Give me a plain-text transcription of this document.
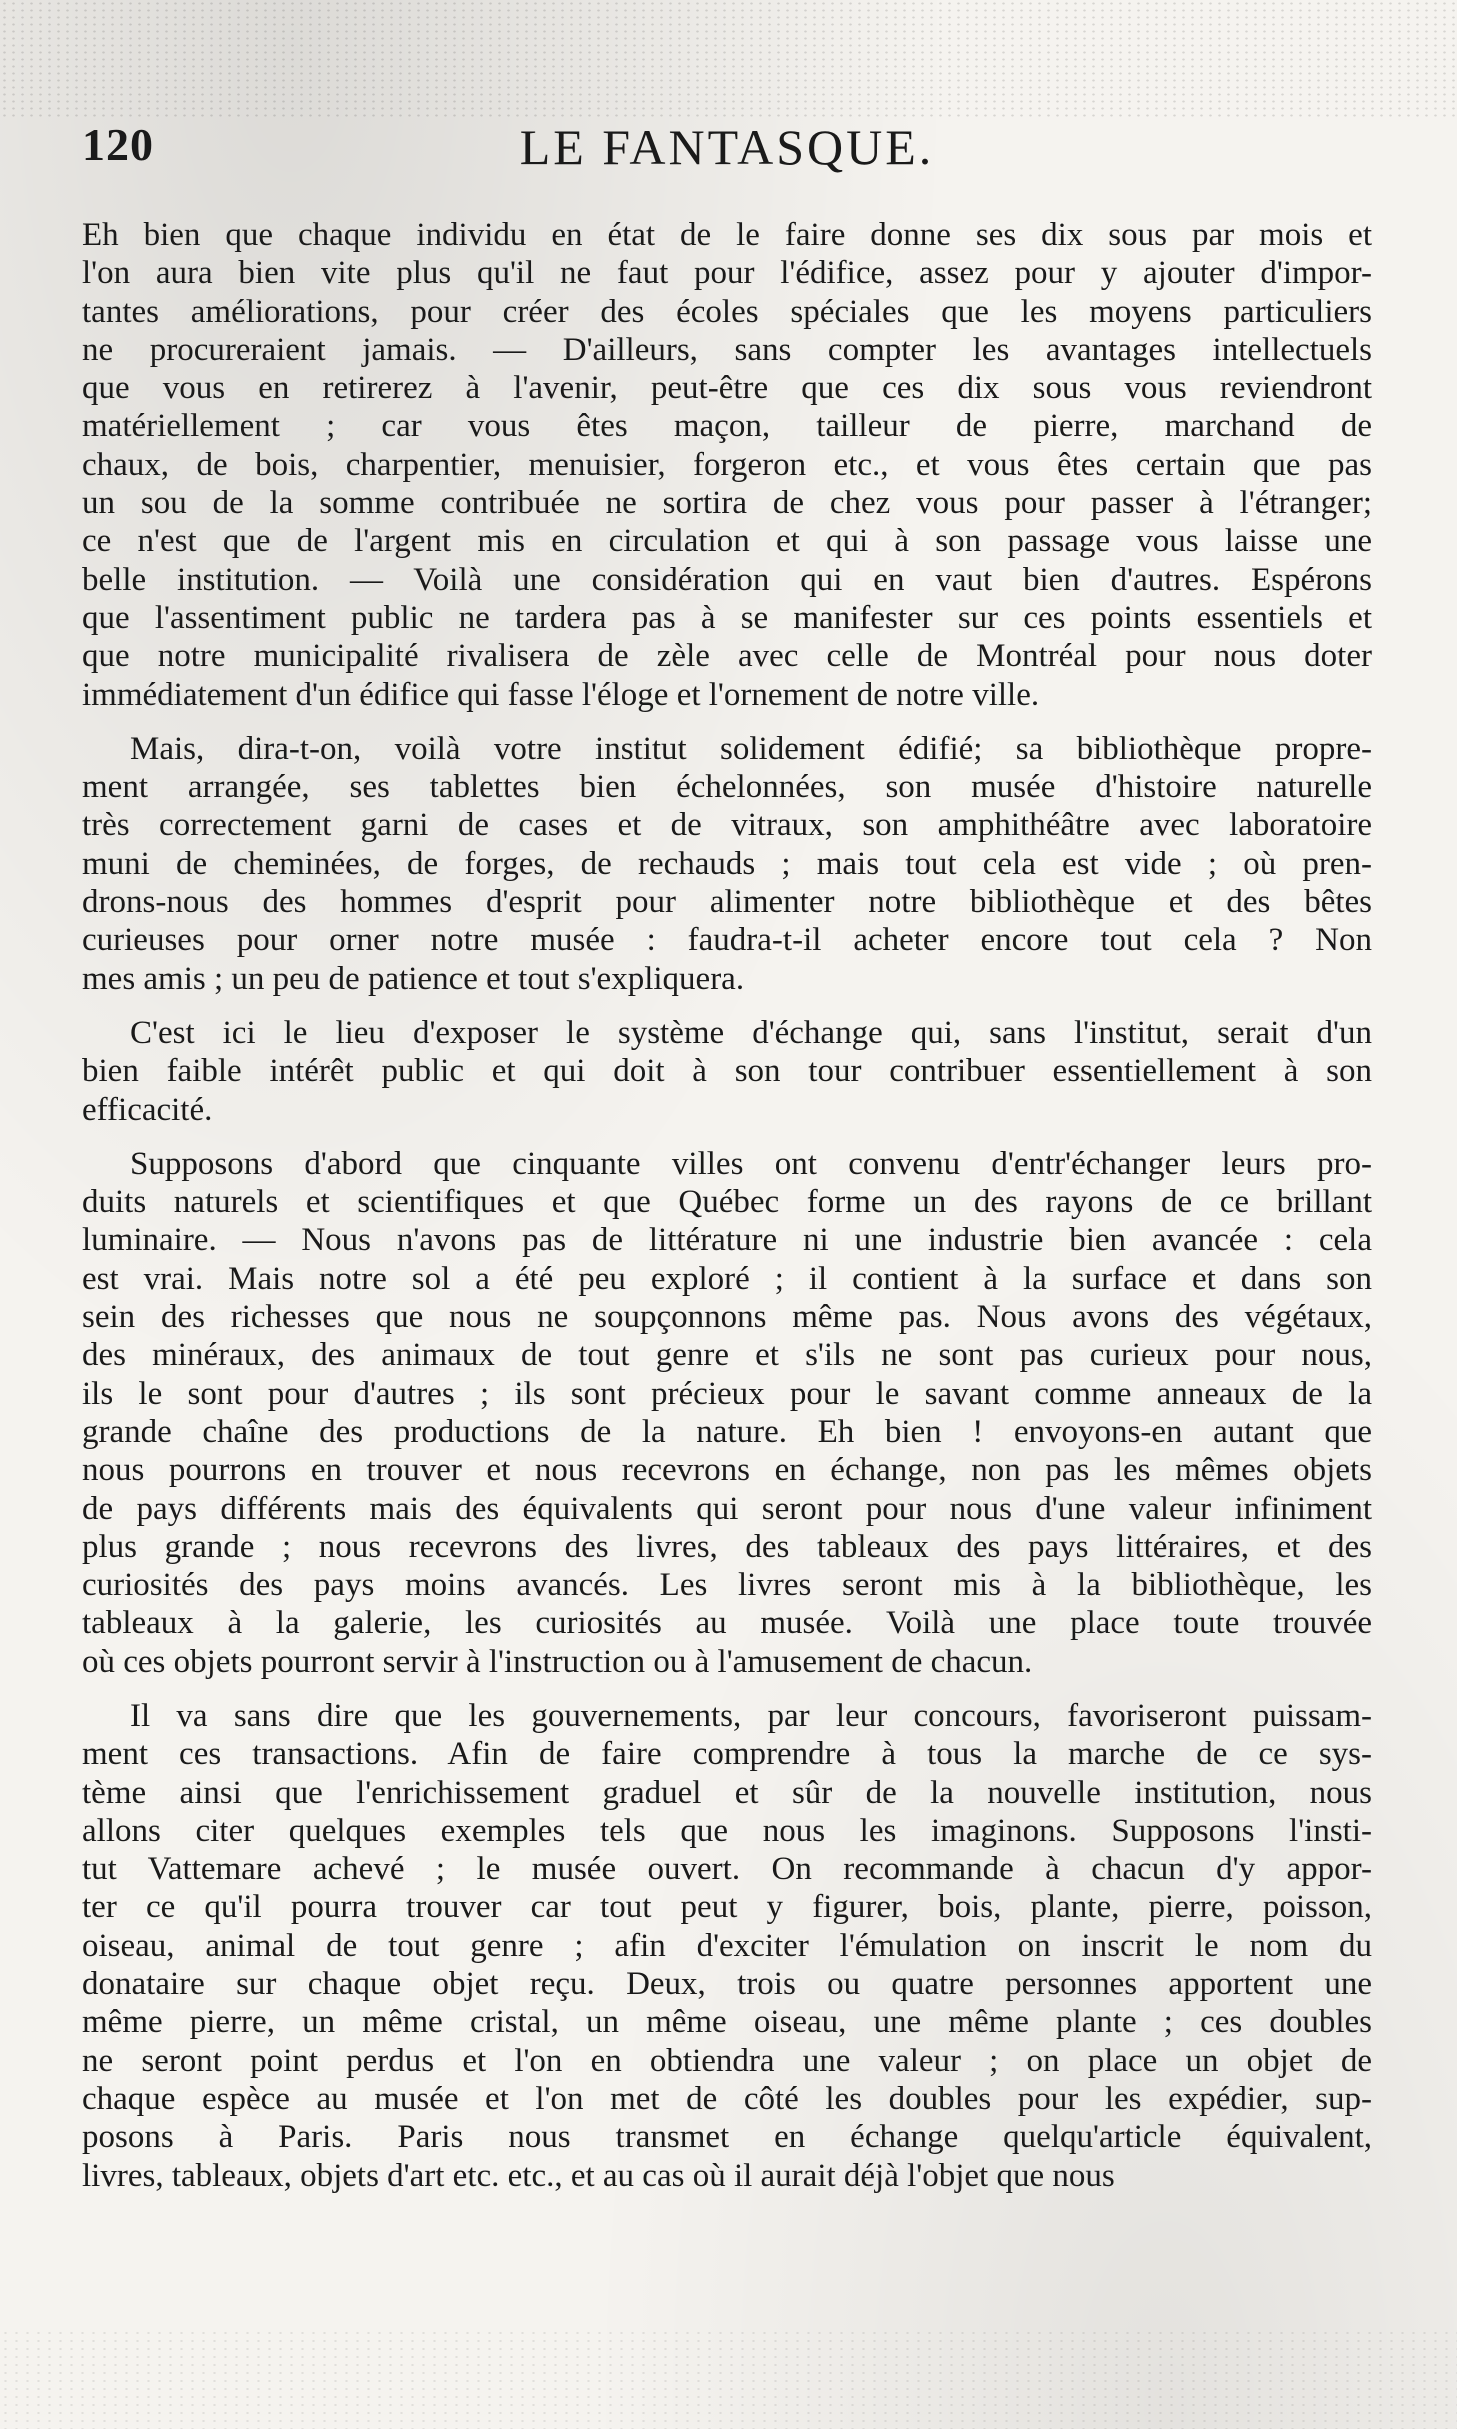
120	LE FANTASQUE.
Eh bien que chaque individu en état de le faire donne ses dix sous par mois et
l'on aura bien vite plus qu'il ne faut pour l'édifice, assez pour y ajouter d'impor-
tantes améliorations, pour créer des écoles spéciales que les moyens particuliers
ne procureraient jamais. — D'ailleurs, sans compter les avantages intellectuels
que vous en retirerez à l'avenir, peut-être que ces dix sous vous reviendront
matériellement ; car vous êtes maçon, tailleur de pierre, marchand de
chaux, de bois, charpentier, menuisier, forgeron etc., et vous êtes certain que pas
un sou de la somme contribuée ne sortira de chez vous pour passer à l'étranger;
ce n'est que de l'argent mis en circulation et qui à son passage vous laisse une
belle institution. — Voilà une considération qui en vaut bien d'autres. Espérons
que l'assentiment public ne tardera pas à se manifester sur ces points essentiels et
que notre municipalité rivalisera de zèle avec celle de Montréal pour nous doter
immédiatement d'un édifice qui fasse l'éloge et l'ornement de notre ville.
Mais, dira-t-on, voilà votre institut solidement édifié; sa bibliothèque propre-
ment arrangée, ses tablettes bien échelonnées, son musée d'histoire naturelle
très correctement garni de cases et de vitraux, son amphithéâtre avec laboratoire
muni de cheminées, de forges, de rechauds ; mais tout cela est vide ; où pren-
drons-nous des hommes d'esprit pour alimenter notre bibliothèque et des bêtes
curieuses pour orner notre musée : faudra-t-il acheter encore tout cela ? Non
mes amis ; un peu de patience et tout s'expliquera.
C'est ici le lieu d'exposer le système d'échange qui, sans l'institut, serait d'un
bien faible intérêt public et qui doit à son tour contribuer essentiellement à son
efficacité.
Supposons d'abord que cinquante villes ont convenu d'entr'échanger leurs pro-
duits naturels et scientifiques et que Québec forme un des rayons de ce brillant
luminaire. — Nous n'avons pas de littérature ni une industrie bien avancée : cela
est vrai. Mais notre sol a été peu exploré ; il contient à la surface et dans son
sein des richesses que nous ne soupçonnons même pas. Nous avons des végétaux,
des minéraux, des animaux de tout genre et s'ils ne sont pas curieux pour nous,
ils le sont pour d'autres ; ils sont précieux pour le savant comme anneaux de la
grande chaîne des productions de la nature. Eh bien ! envoyons-en autant que
nous pourrons en trouver et nous recevrons en échange, non pas les mêmes objets
de pays différents mais des équivalents qui seront pour nous d'une valeur infiniment
plus grande ; nous recevrons des livres, des tableaux des pays littéraires, et des
curiosités des pays moins avancés. Les livres seront mis à la bibliothèque, les
tableaux à la galerie, les curiosités au musée. Voilà une place toute trouvée
où ces objets pourront servir à l'instruction ou à l'amusement de chacun.
Il va sans dire que les gouvernements, par leur concours, favoriseront puissam-
ment ces transactions. Afin de faire comprendre à tous la marche de ce sys-
tème ainsi que l'enrichissement graduel et sûr de la nouvelle institution, nous
allons citer quelques exemples tels que nous les imaginons. Supposons l'insti-
tut Vattemare achevé ; le musée ouvert. On recommande à chacun d'y appor-
ter ce qu'il pourra trouver car tout peut y figurer, bois, plante, pierre, poisson,
oiseau, animal de tout genre ; afin d'exciter l'émulation on inscrit le nom du
donataire sur chaque objet reçu. Deux, trois ou quatre personnes apportent une
même pierre, un même cristal, un même oiseau, une même plante ; ces doubles
ne seront point perdus et l'on en obtiendra une valeur ; on place un objet de
chaque espèce au musée et l'on met de côté les doubles pour les expédier, sup-
posons à Paris. Paris nous transmet en échange quelqu'article équivalent,
livres, tableaux, objets d'art etc. etc., et au cas où il aurait déjà l'objet que nous
